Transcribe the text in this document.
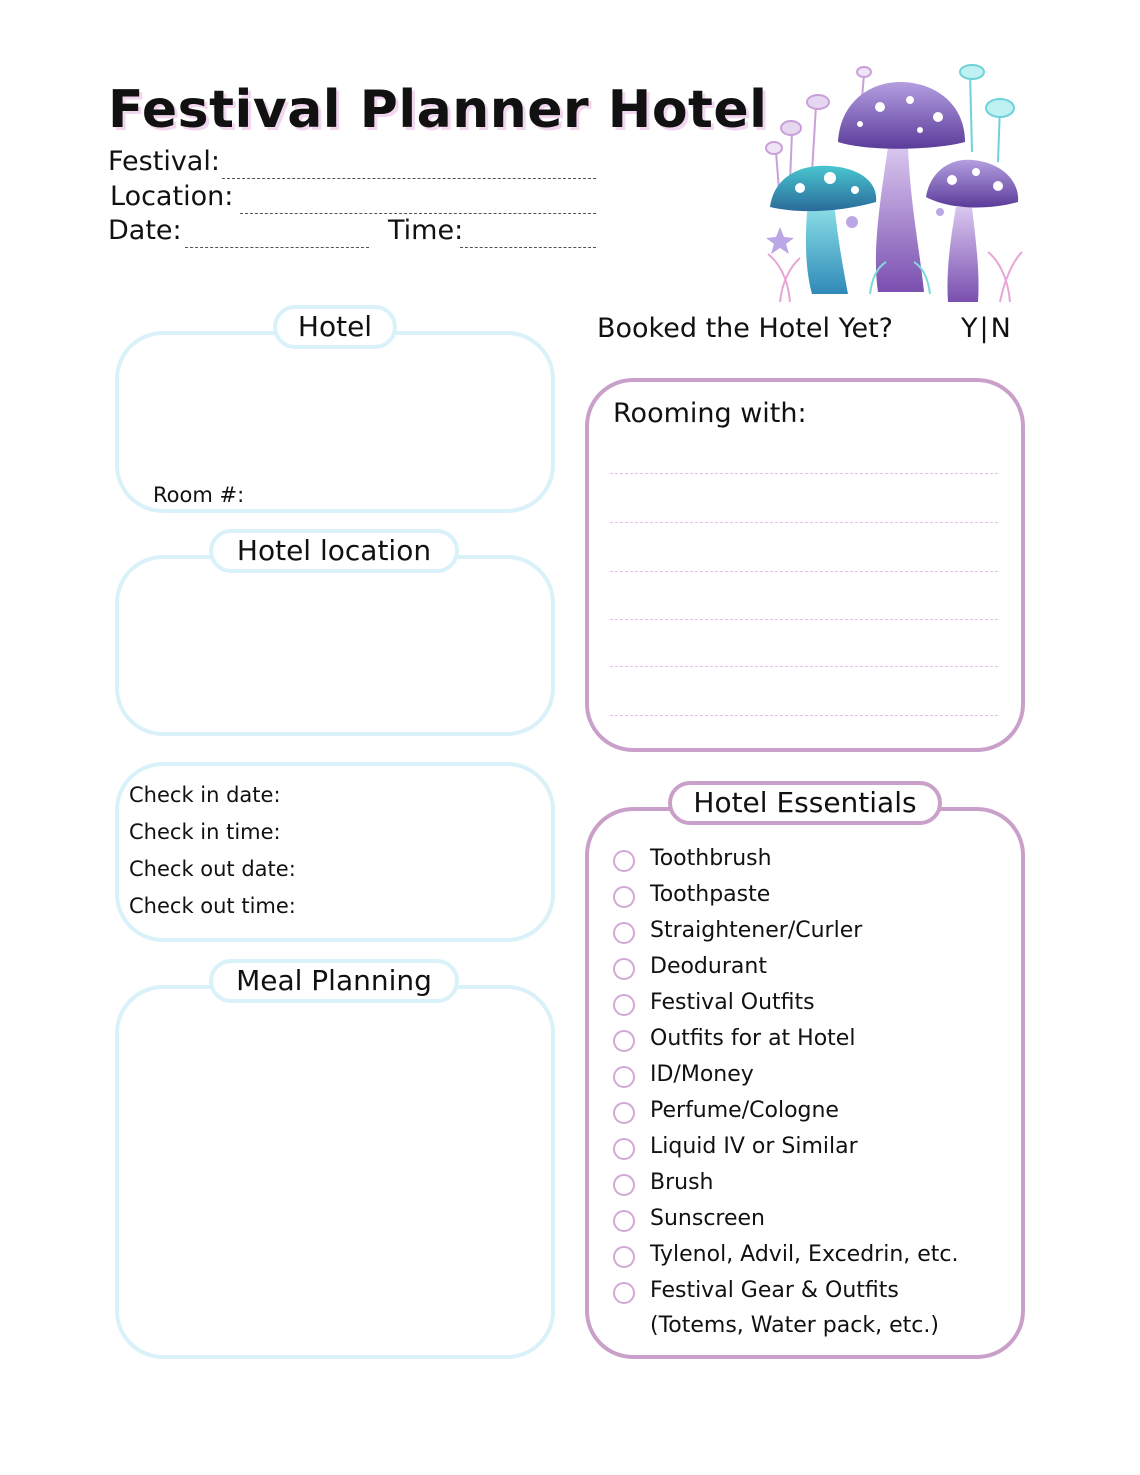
Festival Planner Hotel
Festival:
Location:
Date:	Time:
Booked the Hotel Yet?	Y|N
Hotel
Room #:
Hotel location
Check in date:
Check in time:
Check out date:
Check out time:
Meal Planning
Rooming with:
Hotel Essentials
Toothbrush
Toothpaste
Straightener/Curler
Deodurant
Festival Outfits
Outfits for at Hotel
ID/Money
Perfume/Cologne
Liquid IV or Similar
Brush
Sunscreen
Tylenol, Advil, Excedrin, etc.
Festival Gear & Outfits
(Totems, Water pack, etc.)
